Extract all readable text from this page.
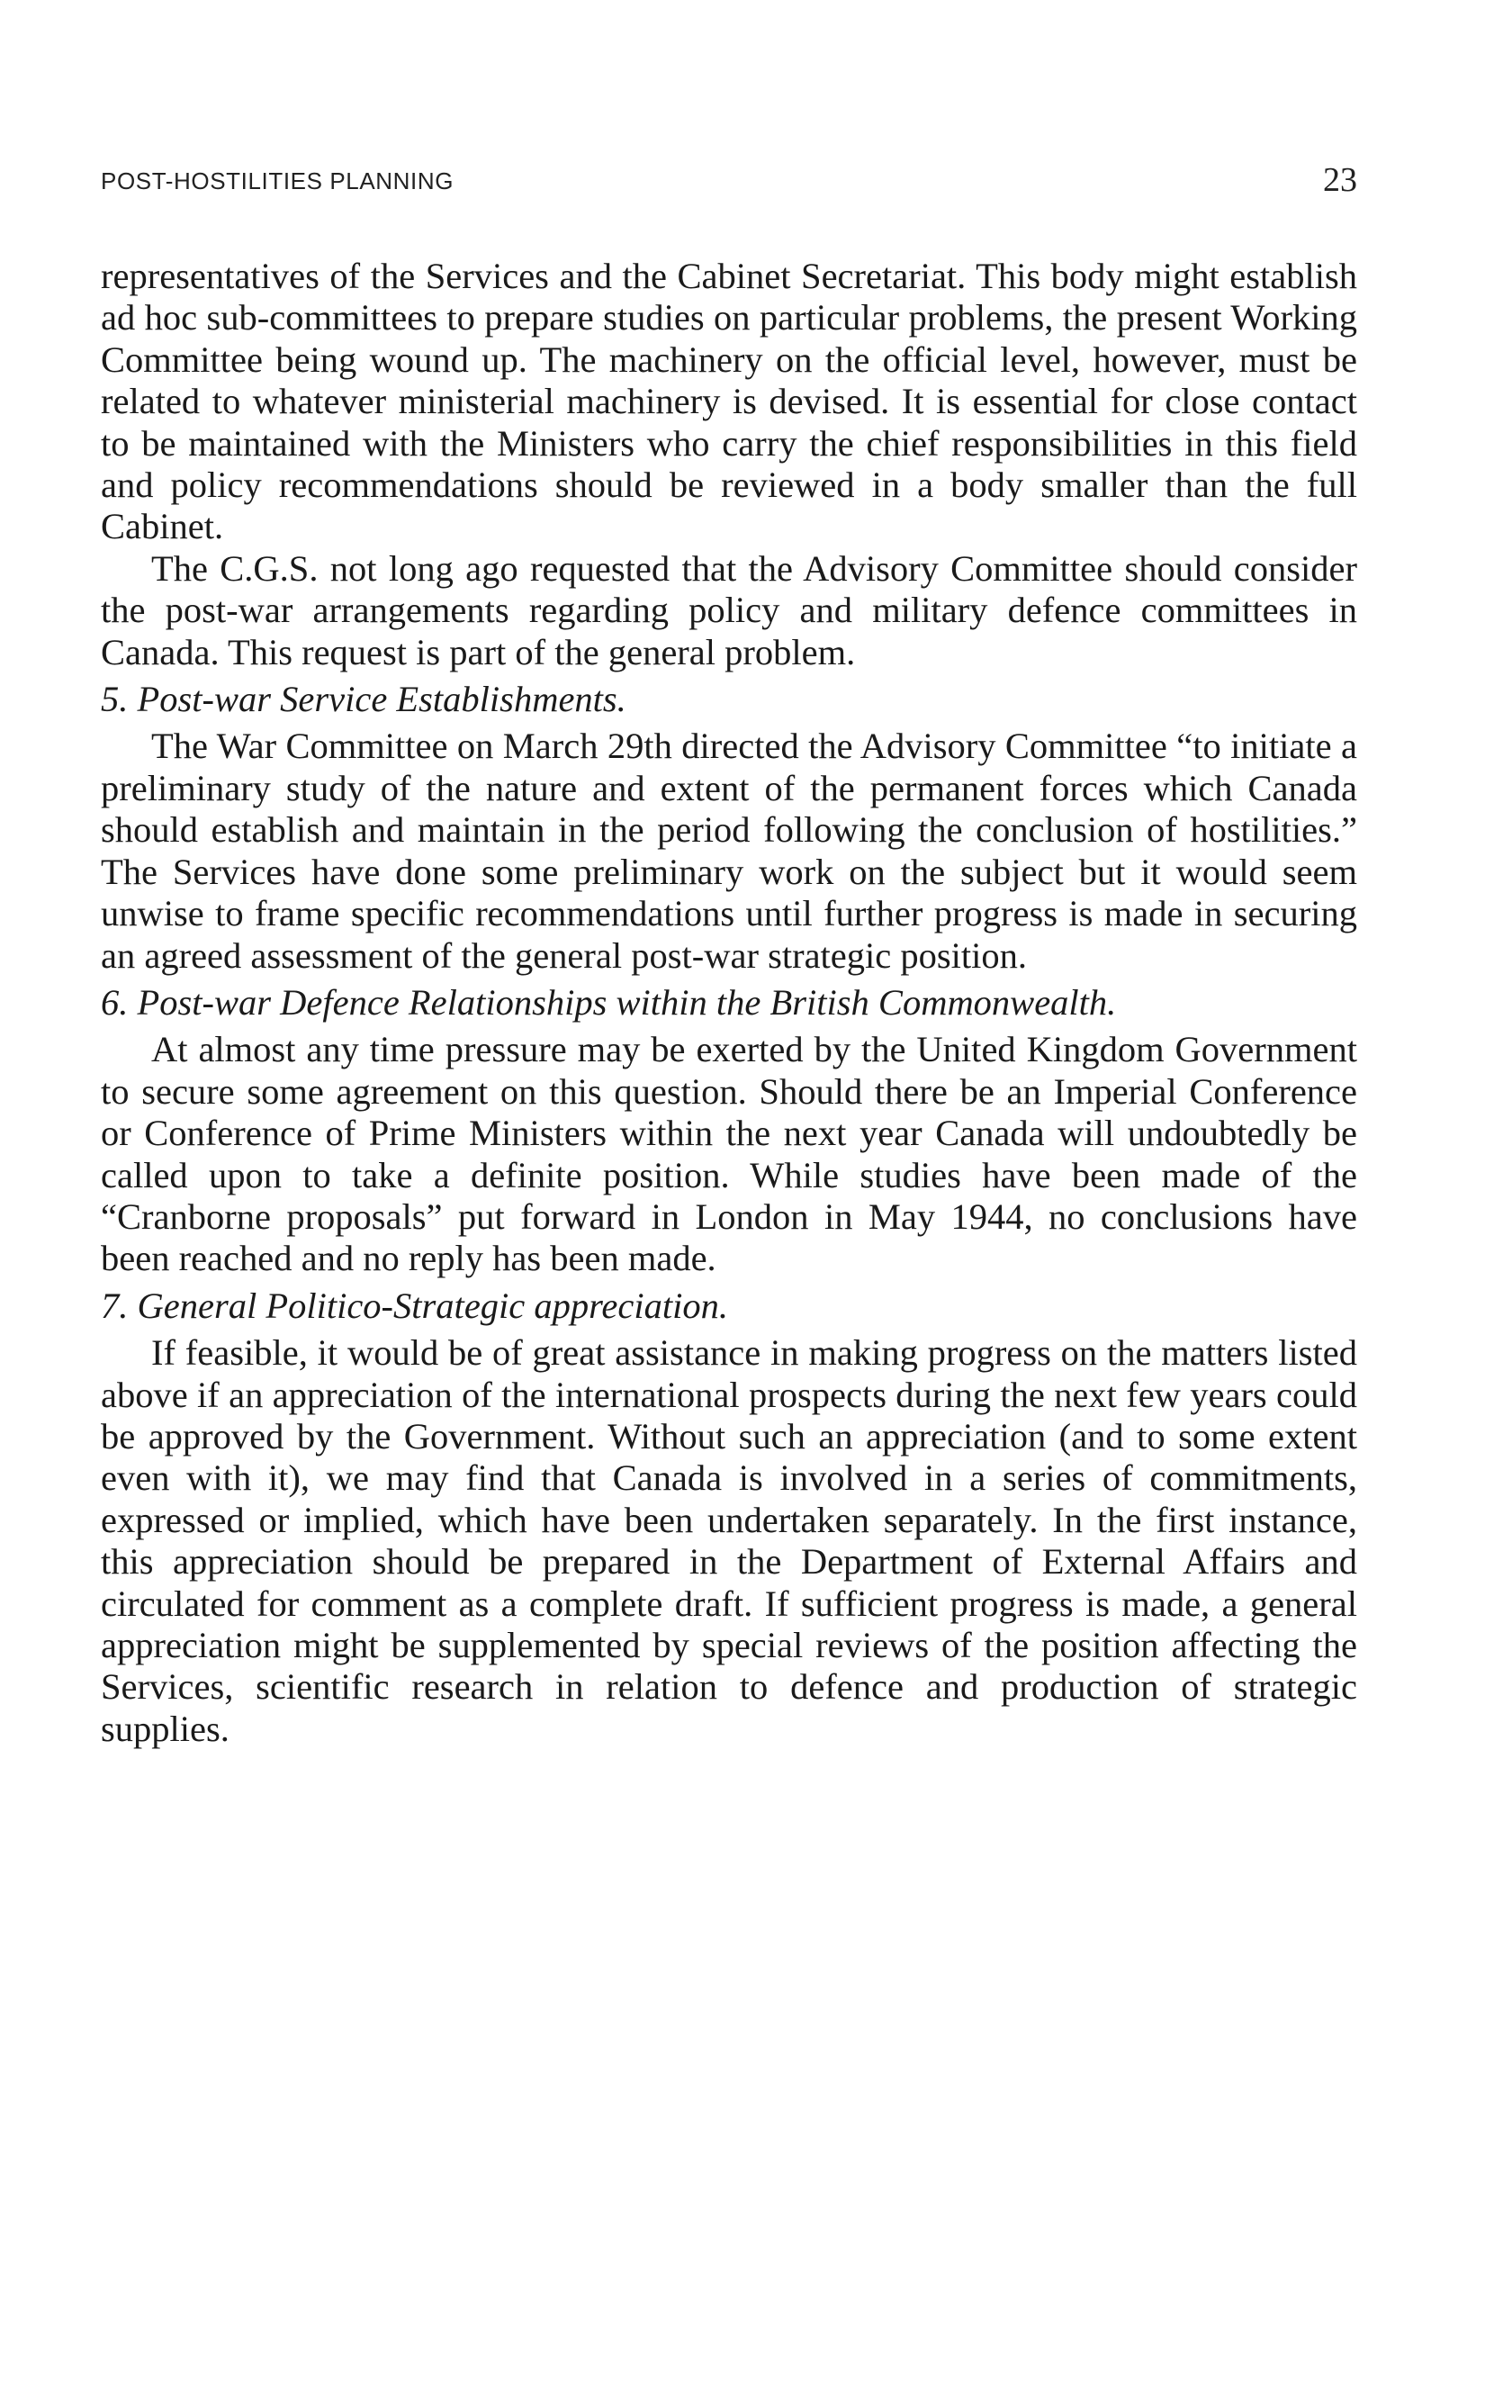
POST-HOSTILITIES PLANNING	23

representatives of the Services and the Cabinet Secretariat. This body might establish ad hoc sub-committees to prepare studies on particular problems, the present Working Committee being wound up. The machinery on the official level, however, must be related to whatever ministerial machinery is devised. It is essential for close contact to be maintained with the Ministers who carry the chief responsibilities in this field and policy recommendations should be reviewed in a body smaller than the full Cabinet.

The C.G.S. not long ago requested that the Advisory Committee should consider the post-war arrangements regarding policy and military defence committees in Canada. This request is part of the general problem.

5. Post-war Service Establishments.

The War Committee on March 29th directed the Advisory Committee “to initiate a preliminary study of the nature and extent of the permanent forces which Canada should establish and maintain in the period following the conclusion of hostilities.” The Services have done some preliminary work on the subject but it would seem unwise to frame specific recommendations until further progress is made in securing an agreed assessment of the general post-war strategic position.

6. Post-war Defence Relationships within the British Commonwealth.

At almost any time pressure may be exerted by the United Kingdom Government to secure some agreement on this question. Should there be an Imperial Conference or Conference of Prime Ministers within the next year Canada will undoubtedly be called upon to take a definite position. While studies have been made of the “Cranborne proposals” put forward in London in May 1944, no conclusions have been reached and no reply has been made.

7. General Politico-Strategic appreciation.

If feasible, it would be of great assistance in making progress on the matters listed above if an appreciation of the international prospects during the next few years could be approved by the Government. Without such an appreciation (and to some extent even with it), we may find that Canada is involved in a series of commitments, expressed or implied, which have been undertaken separately. In the first instance, this appreciation should be prepared in the Department of External Affairs and circulated for comment as a complete draft. If sufficient progress is made, a general appreciation might be supplemented by special reviews of the position affecting the Services, scientific research in relation to defence and production of strategic supplies.
